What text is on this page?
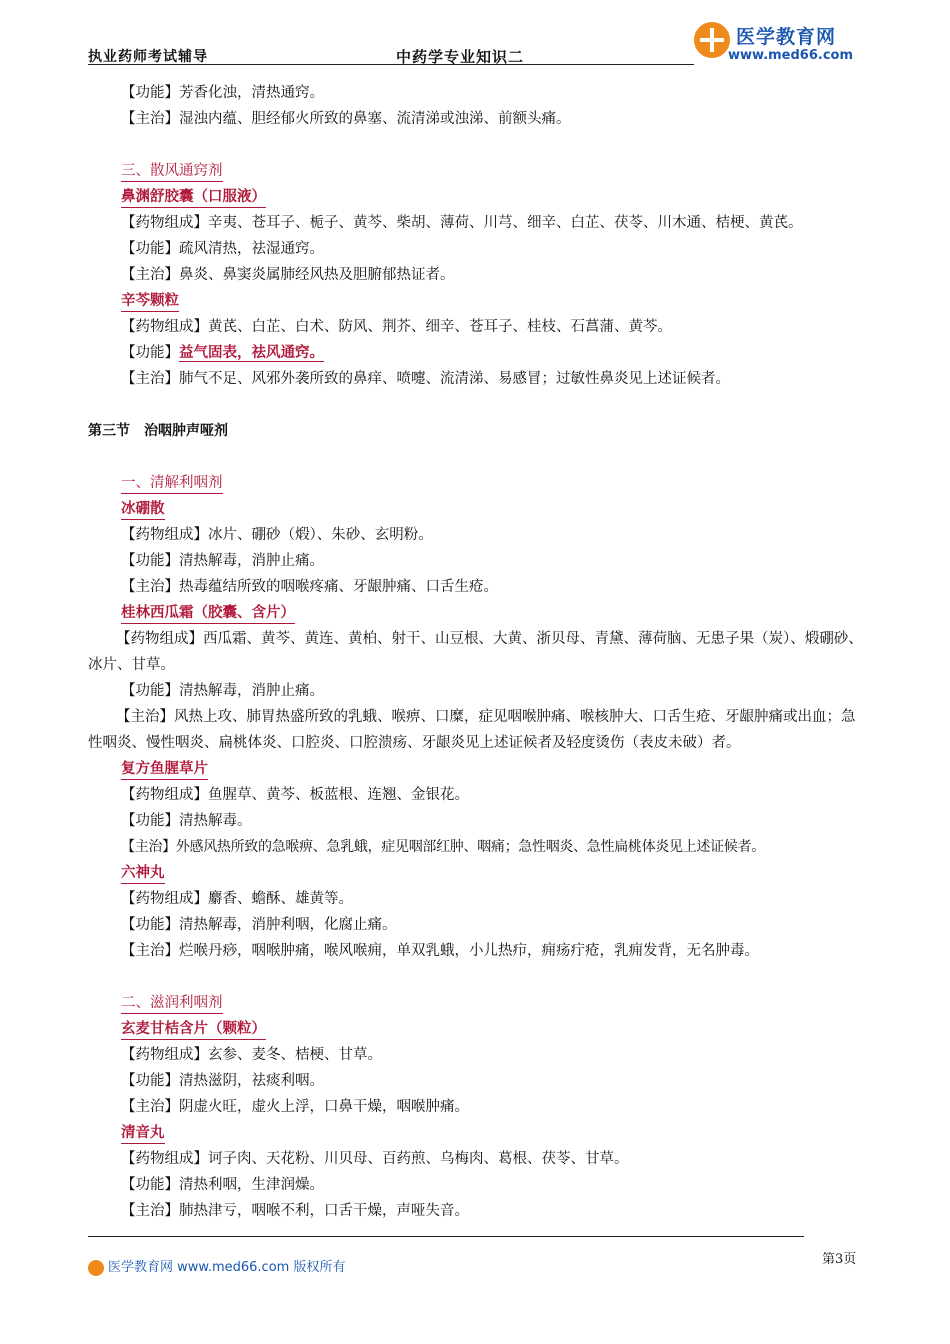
执业药师考试辅导	中药学专业知识二
医学教育网
www.med66.com
【功能】芳香化浊，清热通窍。
【主治】湿浊内蕴、胆经郁火所致的鼻塞、流清涕或浊涕、前额头痛。
三、散风通窍剂
鼻渊舒胶囊（口服液）
【药物组成】辛夷、苍耳子、栀子、黄芩、柴胡、薄荷、川芎、细辛、白芷、茯苓、川木通、桔梗、黄芪。
【功能】疏风清热，祛湿通窍。
【主治】鼻炎、鼻窦炎属肺经风热及胆腑郁热证者。
辛芩颗粒
【药物组成】黄芪、白芷、白术、防风、荆芥、细辛、苍耳子、桂枝、石菖蒲、黄芩。
【功能】益气固表，祛风通窍。
【主治】肺气不足、风邪外袭所致的鼻痒、喷嚏、流清涕、易感冒；过敏性鼻炎见上述证候者。
第三节　治咽肿声哑剂
一、清解利咽剂
冰硼散
【药物组成】冰片、硼砂（煅）、朱砂、玄明粉。
【功能】清热解毒，消肿止痛。
【主治】热毒蕴结所致的咽喉疼痛、牙龈肿痛、口舌生疮。
桂林西瓜霜（胶囊、含片）
【药物组成】西瓜霜、黄芩、黄连、黄柏、射干、山豆根、大黄、浙贝母、青黛、薄荷脑、无患子果（炭）、煅硼砂、冰片、甘草。
【功能】清热解毒，消肿止痛。
【主治】风热上攻、肺胃热盛所致的乳蛾、喉痹、口糜，症见咽喉肿痛、喉核肿大、口舌生疮、牙龈肿痛或出血；急性咽炎、慢性咽炎、扁桃体炎、口腔炎、口腔溃疡、牙龈炎见上述证候者及轻度烫伤（表皮未破）者。
复方鱼腥草片
【药物组成】鱼腥草、黄芩、板蓝根、连翘、金银花。
【功能】清热解毒。
【主治】外感风热所致的急喉痹、急乳蛾，症见咽部红肿、咽痛；急性咽炎、急性扁桃体炎见上述证候者。
六神丸
【药物组成】麝香、蟾酥、雄黄等。
【功能】清热解毒，消肿利咽，化腐止痛。
【主治】烂喉丹痧，咽喉肿痛，喉风喉痈，单双乳蛾，小儿热疖，痈疡疔疮，乳痈发背，无名肿毒。
二、滋润利咽剂
玄麦甘桔含片（颗粒）
【药物组成】玄参、麦冬、桔梗、甘草。
【功能】清热滋阴，祛痰利咽。
【主治】阴虚火旺，虚火上浮，口鼻干燥，咽喉肿痛。
清音丸
【药物组成】诃子肉、天花粉、川贝母、百药煎、乌梅肉、葛根、茯苓、甘草。
【功能】清热利咽，生津润燥。
【主治】肺热津亏，咽喉不利，口舌干燥，声哑失音。
医学教育网 www.med66.com 版权所有
第3页
